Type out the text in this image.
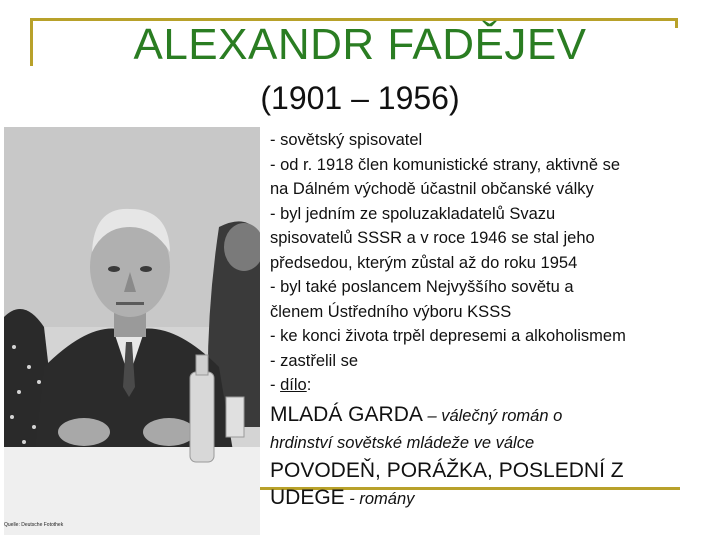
ALEXANDR FADĚJEV
(1901 – 1956)
Quelle: Deutsche Fotothek
- sovětský spisovatel
- od r. 1918 člen komunistické strany, aktivně se
na Dálném východě účastnil občanské války
- byl jedním ze spoluzakladatelů Svazu
spisovatelů SSSR a v roce 1946 se stal jeho
předsedou, kterým zůstal až do roku 1954
- byl také poslancem Nejvyššího sovětu a
členem Ústředního výboru KSSS
- ke konci života trpěl depresemi a alkoholismem
- zastřelil se
- dílo:
MLADÁ GARDA – válečný román o
hrdinství sovětské mládeže ve válce
POVODEŇ, PORÁŽKA, POSLEDNÍ Z
UDEGE - romány
